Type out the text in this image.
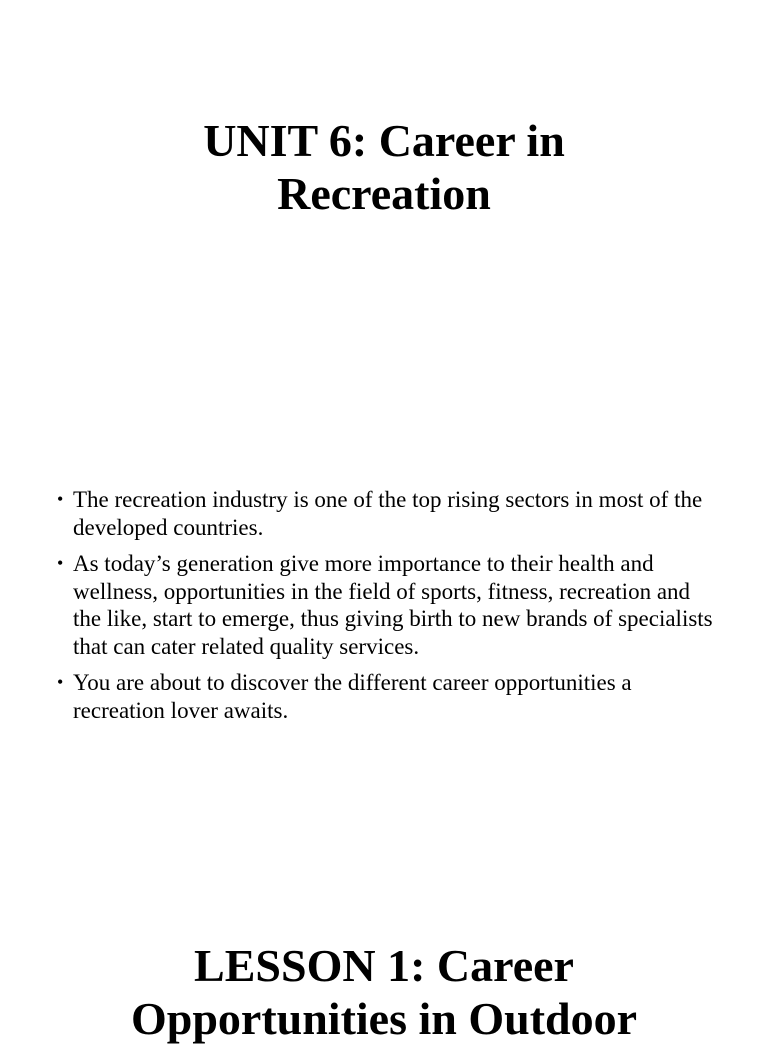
UNIT 6: Career in
Recreation
• The recreation industry is one of the top rising sectors in most of the developed countries.
• As today’s generation give more importance to their health and wellness, opportunities in the field of sports, fitness, recreation and the like, start to emerge, thus giving birth to new brands of specialists that can cater related quality services.
• You are about to discover the different career opportunities a recreation lover awaits.
LESSON 1: Career
Opportunities in Outdoor
